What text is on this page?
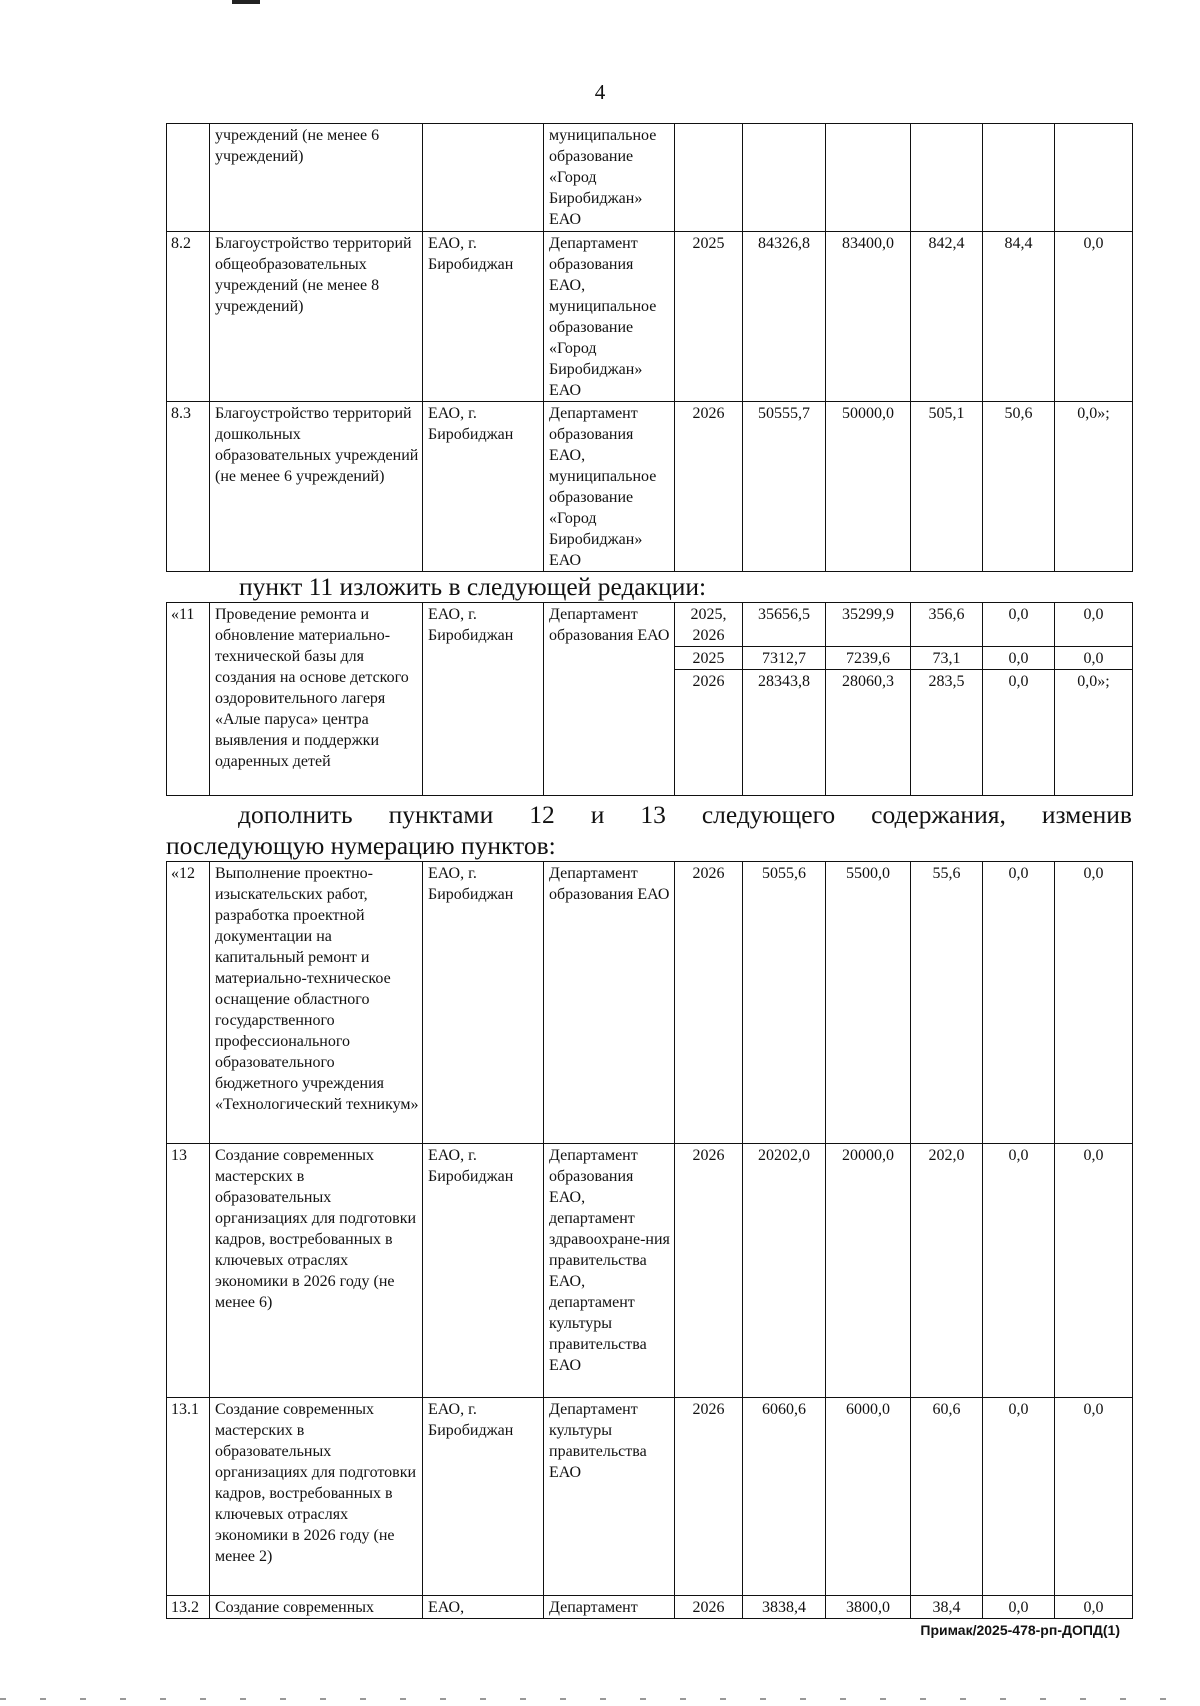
4
	учреждений (не менее 6 учреждений)		муниципальное образование «Город Биробиджан» ЕАО						
8.2	Благоустройство территорий общеобразовательных учреждений (не менее 8 учреждений)	ЕАО, г. Биробиджан	Департамент образования ЕАО, муниципальное образование «Город Биробиджан» ЕАО	2025	84326,8	83400,0	842,4	84,4	0,0
8.3	Благоустройство территорий дошкольных образовательных учреждений (не менее 6 учреждений)	ЕАО, г. Биробиджан	Департамент образования ЕАО, муниципальное образование «Город Биробиджан» ЕАО	2026	50555,7	50000,0	505,1	50,6	0,0»;
пункт 11 изложить в следующей редакции:
«11	Проведение ремонта и обновление материально-технической базы для создания на основе детского оздоровительного лагеря «Алые паруса» центра выявления и поддержки одаренных детей	ЕАО, г. Биробиджан	Департамент образования ЕАО	2025, 2026	35656,5	35299,9	356,6	0,0	0,0
				2025	7312,7	7239,6	73,1	0,0	0,0
				2026	28343,8	28060,3	283,5	0,0	0,0»;
дополнить пунктами 12 и 13 следующего содержания, изменив
последующую нумерацию пунктов:
«12	Выполнение проектно-изыскательских работ, разработка проектной документации на капитальный ремонт и материально-техническое оснащение областного государственного профессионального образовательного бюджетного учреждения «Технологический техникум»	ЕАО, г. Биробиджан	Департамент образования ЕАО	2026	5055,6	5500,0	55,6	0,0	0,0
13	Создание современных мастерских в образовательных организациях для подготовки кадров, востребованных в ключевых отраслях экономики в 2026 году (не менее 6)	ЕАО, г. Биробиджан	Департамент образования ЕАО, департамент здравоохране-ния правительства ЕАО, департамент культуры правительства ЕАО	2026	20202,0	20000,0	202,0	0,0	0,0
13.1	Создание современных мастерских в образовательных организациях для подготовки кадров, востребованных в ключевых отраслях экономики в 2026 году (не менее 2)	ЕАО, г. Биробиджан	Департамент культуры правительства ЕАО	2026	6060,6	6000,0	60,6	0,0	0,0
13.2	Создание современных	ЕАО,	Департамент	2026	3838,4	3800,0	38,4	0,0	0,0
Примак/2025-478-рп-ДОПД(1)
